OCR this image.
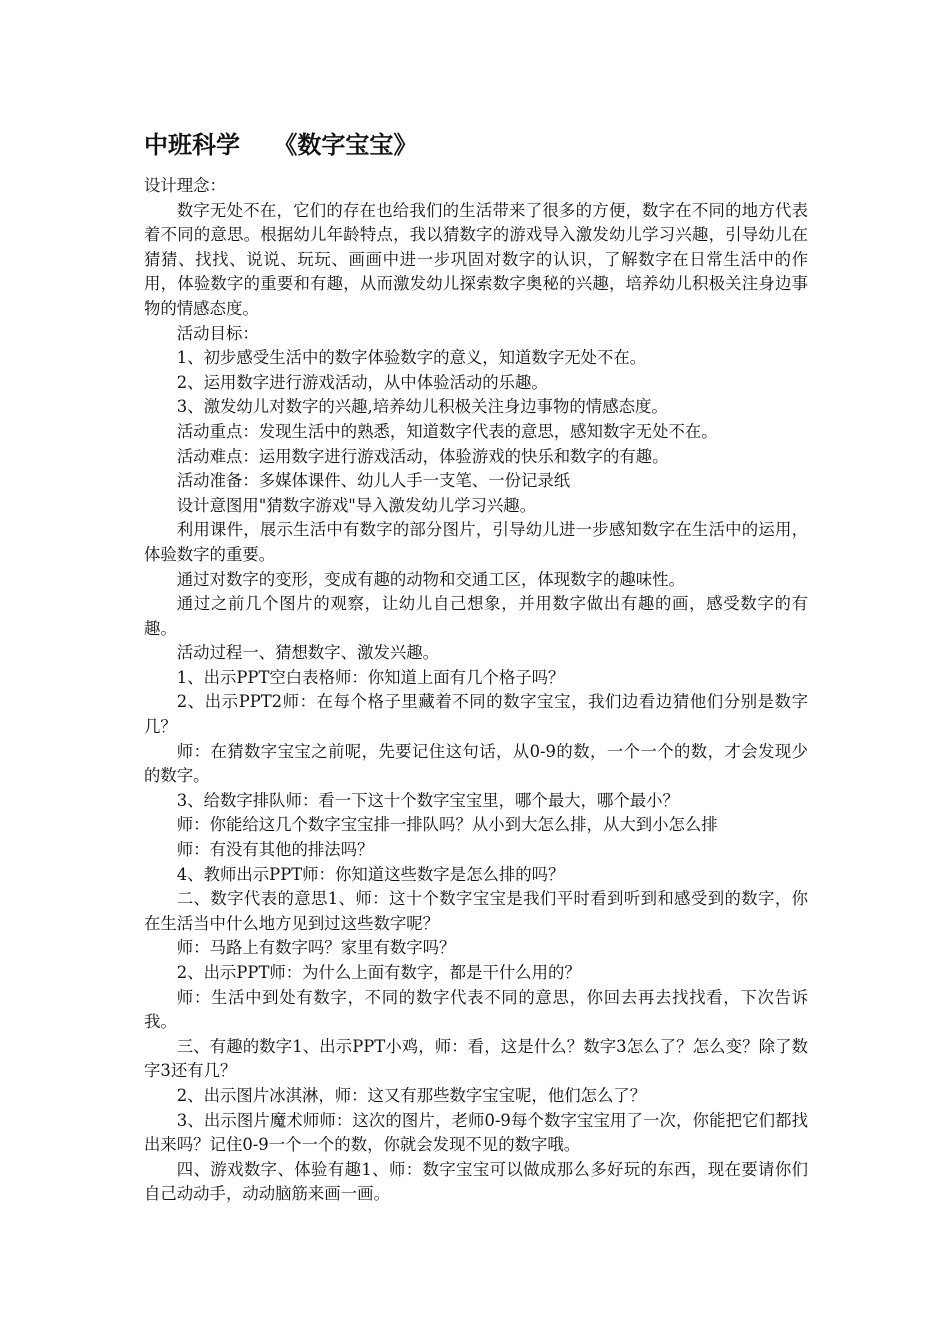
中班科学    《数字宝宝》

设计理念：

数字无处不在，它们的存在也给我们的生活带来了很多的方便，数字在不同的地方代表着不同的意思。根据幼儿年龄特点，我以猜数字的游戏导入激发幼儿学习兴趣，引导幼儿在猜猜、找找、说说、玩玩、画画中进一步巩固对数字的认识，了解数字在日常生活中的作用，体验数字的重要和有趣，从而激发幼儿探索数字奥秘的兴趣，培养幼儿积极关注身边事物的情感态度。

活动目标：

1、初步感受生活中的数字体验数字的意义，知道数字无处不在。

2、运用数字进行游戏活动，从中体验活动的乐趣。

3、激发幼儿对数字的兴趣,培养幼儿积极关注身边事物的情感态度。

活动重点：发现生活中的熟悉，知道数字代表的意思，感知数字无处不在。

活动难点：运用数字进行游戏活动，体验游戏的快乐和数字的有趣。

活动准备：多媒体课件、幼儿人手一支笔、一份记录纸

设计意图用"猜数字游戏"导入激发幼儿学习兴趣。

利用课件，展示生活中有数字的部分图片，引导幼儿进一步感知数字在生活中的运用，体验数字的重要。

通过对数字的变形，变成有趣的动物和交通工区，体现数字的趣味性。

通过之前几个图片的观察，让幼儿自己想象，并用数字做出有趣的画，感受数字的有趣。

活动过程一、猜想数字、激发兴趣。

1、出示PPT空白表格师：你知道上面有几个格子吗？

2、出示PPT2师：在每个格子里藏着不同的数字宝宝，我们边看边猜他们分别是数字几？

师：在猜数字宝宝之前呢，先要记住这句话，从0-9的数，一个一个的数，才会发现少的数字。

3、给数字排队师：看一下这十个数字宝宝里，哪个最大，哪个最小？

师：你能给这几个数字宝宝排一排队吗？从小到大怎么排，从大到小怎么排

师：有没有其他的排法吗？

4、教师出示PPT师：你知道这些数字是怎么排的吗？

二、数字代表的意思1、师：这十个数字宝宝是我们平时看到听到和感受到的数字，你在生活当中什么地方见到过这些数字呢？

师：马路上有数字吗？家里有数字吗？

2、出示PPT师：为什么上面有数字，都是干什么用的？

师：生活中到处有数字，不同的数字代表不同的意思，你回去再去找找看，下次告诉我。

三、有趣的数字1、出示PPT小鸡，师：看，这是什么？数字3怎么了？怎么变？除了数字3还有几？

2、出示图片冰淇淋，师：这又有那些数字宝宝呢，他们怎么了？

3、出示图片魔术师师：这次的图片，老师0-9每个数字宝宝用了一次，你能把它们都找出来吗？记住0-9一个一个的数，你就会发现不见的数字哦。

四、游戏数字、体验有趣1、师：数字宝宝可以做成那么多好玩的东西，现在要请你们自己动动手，动动脑筋来画一画。
